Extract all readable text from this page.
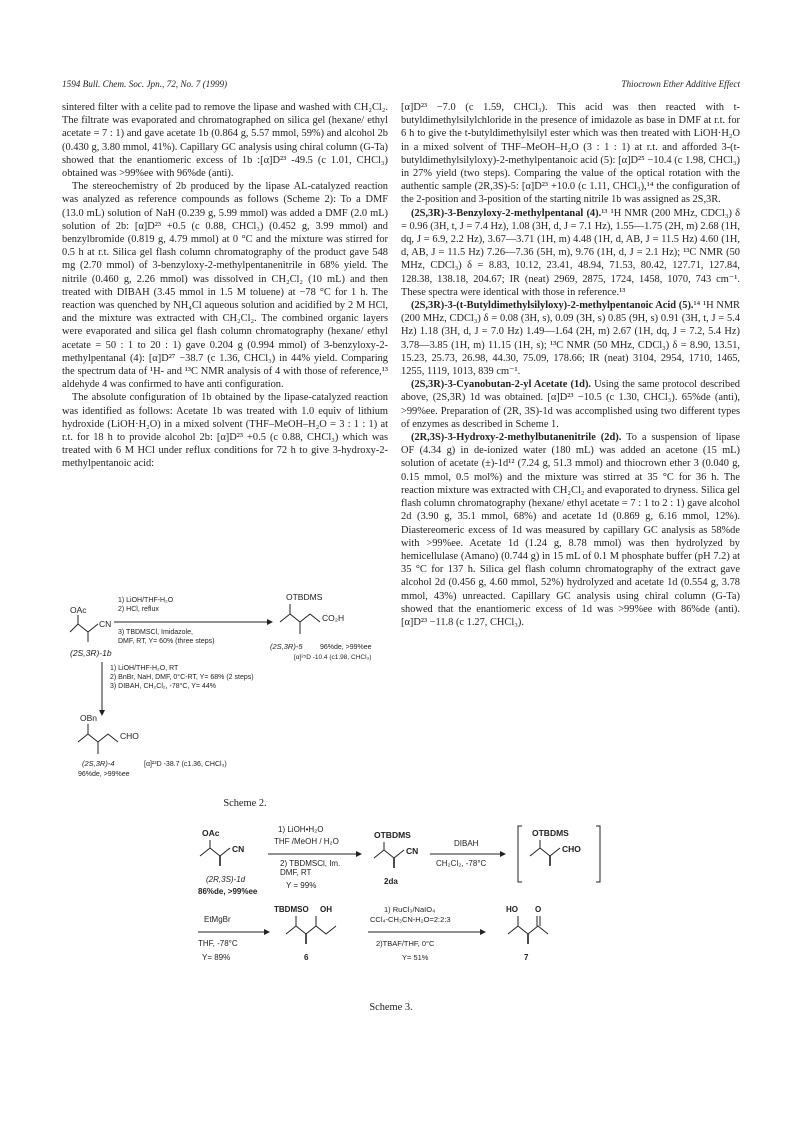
1594 Bull. Chem. Soc. Jpn., 72, No. 7 (1999)	Thiocrown Ether Additive Effect

sintered filter with a celite pad to remove the lipase and washed with CH₂Cl₂. The filtrate was evaporated and chromatographed on silica gel (hexane/ ethyl acetate = 7 : 1) and gave acetate 1b (0.864 g, 5.57 mmol, 59%) and alcohol 2b (0.430 g, 3.80 mmol, 41%). Capillary GC analysis using chiral column (G-Ta) showed that the enantiomeric excess of 1b :[α]D²³ -49.5 (c 1.01, CHCl₃) obtained was >99%ee with 96%de (anti).

The stereochemistry of 2b produced by the lipase AL-catalyzed reaction was analyzed as reference compounds as follows (Scheme 2): To a DMF (13.0 mL) solution of NaH (0.239 g, 5.99 mmol) was added a DMF (2.0 mL) solution of 2b: [α]D²³ +0.5 (c 0.88, CHCl₃) (0.452 g, 3.99 mmol) and benzylbromide (0.819 g, 4.79 mmol) at 0 °C and the mixture was stirred for 0.5 h at r.t. Silica gel flash column chromatography of the product gave 548 mg (2.70 mmol) of 3-benzyloxy-2-methylpentanenitrile in 68% yield. The nitrile (0.460 g, 2.26 mmol) was dissolved in CH₂Cl₂ (10 mL) and then treated with DIBAH (3.45 mmol in 1.5 M toluene) at −78 °C for 1 h. The reaction was quenched by NH₄Cl aqueous solution and acidified by 2 M HCl, and the mixture was extracted with CH₂Cl₂. The combined organic layers were evaporated and silica gel flash column chromatography (hexane/ ethyl acetate = 50 : 1 to 20 : 1) gave 0.204 g (0.994 mmol) of 3-benzyloxy-2-methylpentanal (4): [α]D²⁷ −38.7 (c 1.36, CHCl₃) in 44% yield. Comparing the spectrum data of ¹H- and ¹³C NMR analysis of 4 with those of reference,¹³ aldehyde 4 was confirmed to have anti configuration.

The absolute configuration of 1b obtained by the lipase-catalyzed reaction was identified as follows: Acetate 1b was treated with 1.0 equiv of lithium hydroxide (LiOH·H₂O) in a mixed solvent (THF–MeOH–H₂O = 3 : 1 : 1) at r.t. for 18 h to provide alcohol 2b: [α]D²³ +0.5 (c 0.88, CHCl₃) which was treated with 6 M HCl under reflux conditions for 72 h to give 3-hydroxy-2-methylpentanoic acid:

[α]D²³ −7.0 (c 1.59, CHCl₃). This acid was then reacted with t-butyldimethylsilylchloride in the presence of imidazole as base in DMF at r.t. for 6 h to give the t-butyldimethylsilyl ester which was then treated with LiOH·H₂O in a mixed solvent of THF–MeOH–H₂O (3 : 1 : 1) at r.t. and afforded 3-(t-butyldimethylsilyloxy)-2-methylpentanoic acid (5): [α]D²⁵ −10.4 (c 1.98, CHCl₃) in 27% yield (two steps). Comparing the value of the optical rotation with the authentic sample (2R,3S)-5: [α]D²³ +10.0 (c 1.11, CHCl₃),¹⁴ the configuration of the 2-position and 3-position of the starting nitrile 1b was assigned as 2S,3R.

(2S,3R)-3-Benzyloxy-2-methylpentanal (4).¹³ ¹H NMR (200 MHz, CDCl₃) δ = 0.96 (3H, t, J = 7.4 Hz), 1.08 (3H, d, J = 7.1 Hz), 1.55—1.75 (2H, m) 2.68 (1H, dq, J = 6.9, 2.2 Hz), 3.67—3.71 (1H, m) 4.48 (1H, d, AB, J = 11.5 Hz) 4.60 (1H, d, AB, J = 11.5 Hz) 7.26—7.36 (5H, m), 9.76 (1H, d, J = 2.1 Hz); ¹³C NMR (50 MHz, CDCl₃) δ = 8.83, 10.12, 23.41, 48.94, 71.53, 80.42, 127.71, 127.84, 128.38, 138.18, 204.67; IR (neat) 2969, 2875, 1724, 1458, 1070, 743 cm⁻¹. These spectra were identical with those in reference.¹³

(2S,3R)-3-(t-Butyldimethylsilyloxy)-2-methylpentanoic Acid (5).¹⁴ ¹H NMR (200 MHz, CDCl₃) δ = 0.08 (3H, s), 0.09 (3H, s) 0.85 (9H, s) 0.91 (3H, t, J = 5.4 Hz) 1.18 (3H, d, J = 7.0 Hz) 1.49—1.64 (2H, m) 2.67 (1H, dq, J = 7.2, 5.4 Hz) 3.78—3.85 (1H, m) 11.15 (1H, s); ¹³C NMR (50 MHz, CDCl₃) δ = 8.90, 13.51, 15.23, 25.73, 26.98, 44.30, 75.09, 178.66; IR (neat) 3104, 2954, 1710, 1465, 1255, 1119, 1013, 839 cm⁻¹.

(2S,3R)-3-Cyanobutan-2-yl Acetate (1d). Using the same protocol described above, (2S,3R) 1d was obtained. [α]D²³ −10.5 (c 1.30, CHCl₃). 65%de (anti), >99%ee. Preparation of (2R, 3S)-1d was accomplished using two different types of enzymes as described in Scheme 1.

(2R,3S)-3-Hydroxy-2-methylbutanenitrile (2d). To a suspension of lipase OF (4.34 g) in de-ionized water (180 mL) was added an acetone (15 mL) solution of acetate (±)-1d¹² (7.24 g, 51.3 mmol) and thiocrown ether 3 (0.040 g, 0.15 mmol, 0.5 mol%) and the mixture was stirred at 35 °C for 36 h. The reaction mixture was extracted with CH₂Cl₂ and evaporated to dryness. Silica gel flash column chromatography (hexane/ ethyl acetate = 7 : 1 to 2 : 1) gave alcohol 2d (3.90 g, 35.1 mmol, 68%) and acetate 1d (0.869 g, 6.16 mmol, 12%). Diastereomeric excess of 1d was measured by capillary GC analysis as 58%de with >99%ee. Acetate 1d (1.24 g, 8.78 mmol) was then hydrolyzed by hemicellulase (Amano) (0.744 g) in 15 mL of 0.1 M phosphate buffer (pH 7.2) at 35 °C for 137 h. Silica gel flash column chromatography of the extract gave alcohol 2d (0.456 g, 4.60 mmol, 52%) hydrolyzed and acetate 1d (0.554 g, 3.78 mmol, 43%) unreacted. Capillary GC analysis using chiral column (G-Ta) showed that the enantiomeric excess of 1d was >99%ee with 86%de (anti). [α]D²³ −11.8 (c 1.27, CHCl₃).

OAc
CN
(2S,3R)-1b
1) LiOH/THF-H₂O
2) HCl, reflux
3) TBDMSCl, Imidazole,
DMF, RT, Y= 60% (three steps)
OTBDMS
CO₂H
(2S,3R)-5 96%de, >99%ee
[α]²⁵D -10.4 (c1.98, CHCl₃)
1) LiOH/THF-H₂O, RT
2) BnBr, NaH, DMF, 0°C-RT, Y= 68% (2 steps)
3) DIBAH, CH₂Cl₂, -78°C, Y= 44%
OBn
CHO
(2S,3R)-4	[α]²³D -38.7 (c1.36, CHCl₃)
96%de, >99%ee
Scheme 2.
OAc
CN
(2R,3S)-1d
86%de, >99%ee
1) LiOH•H₂O
THF /MeOH / H₂O
2) TBDMSCl, Im.
DMF, RT
Y = 99%
OTBDMS
CN
2da
DIBAH
CH₂Cl₂, -78°C
OTBDMS
CHO
EtMgBr
THF, -78°C
Y= 89%
TBDMSO OH
6
1) RuCl₃/NaIO₄
CCl₄-CH₃CN-H₂O=2:2:3
2)TBAF/THF, 0°C
Y= 51%
HO O
7
Scheme 3.
